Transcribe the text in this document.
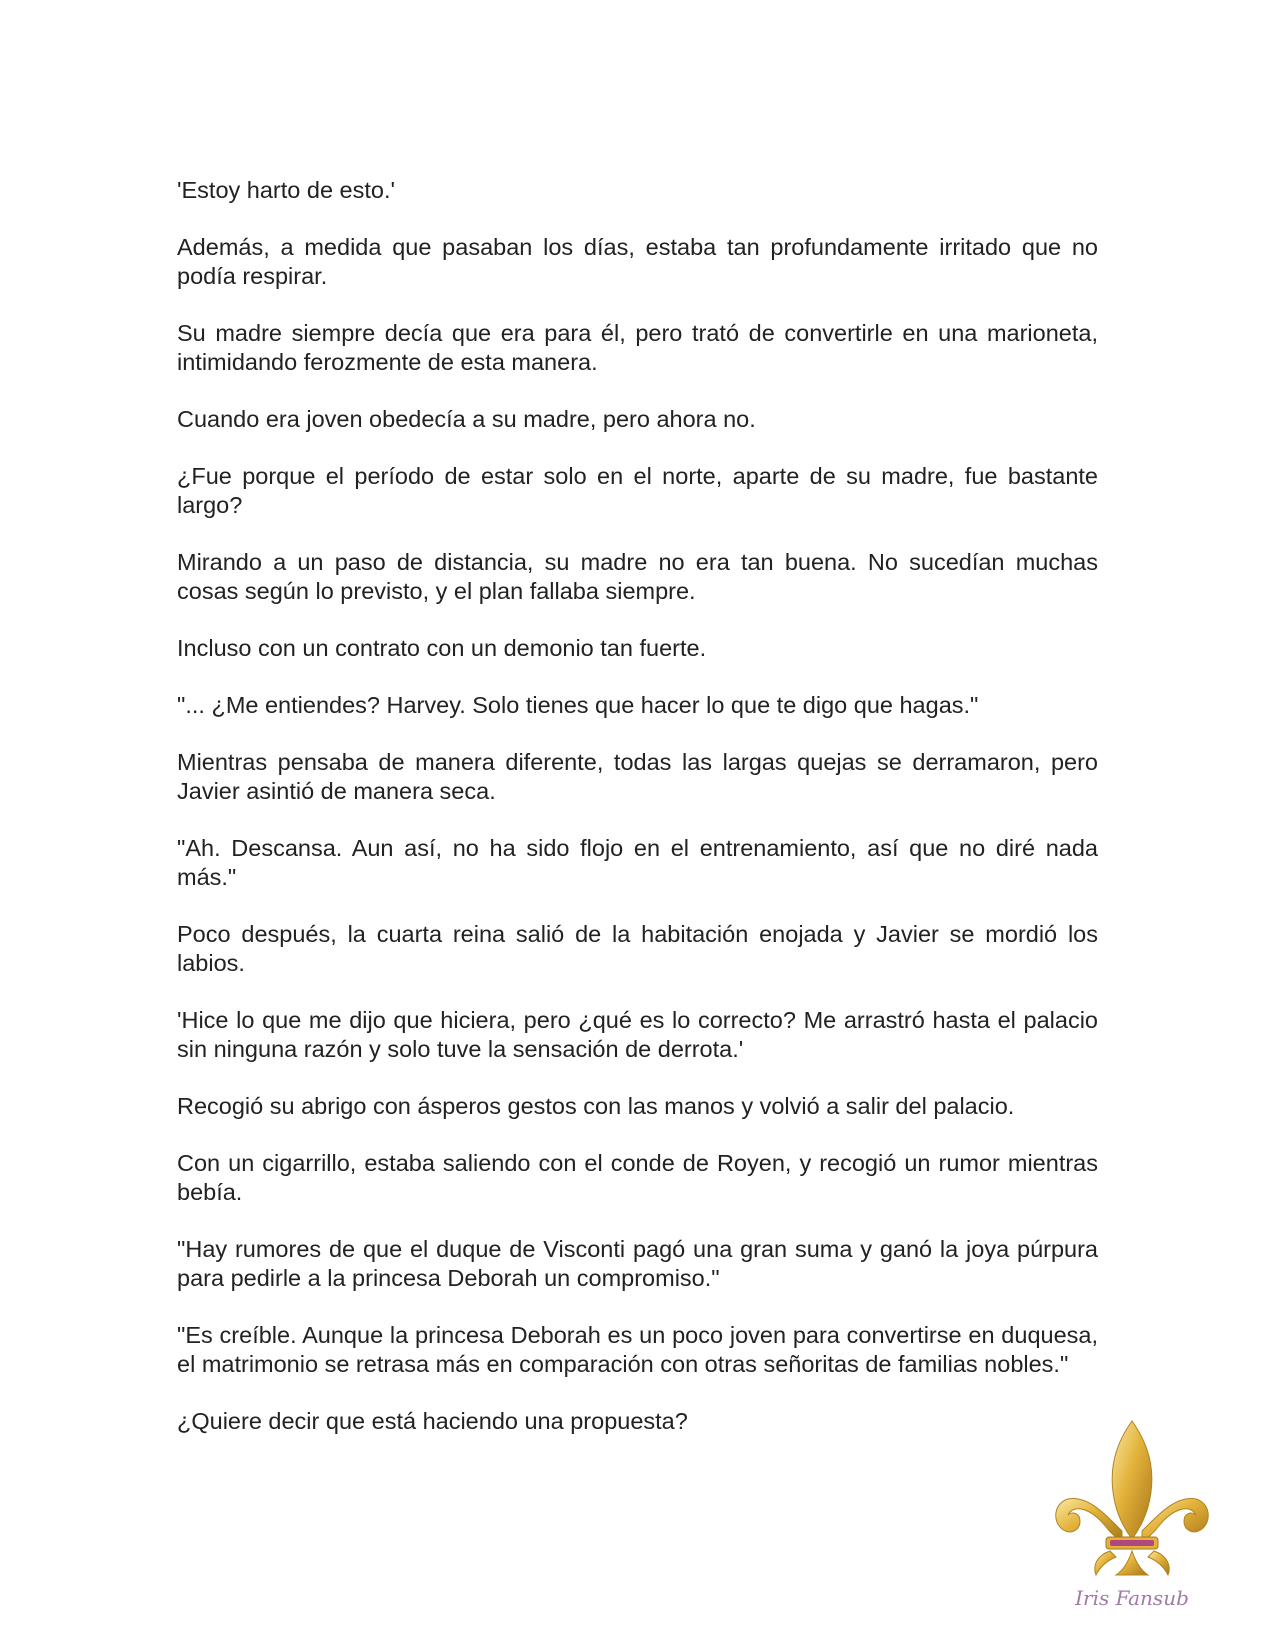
'Estoy harto de esto.'

Además, a medida que pasaban los días, estaba tan profundamente irritado que no podía respirar.

Su madre siempre decía que era para él, pero trató de convertirle en una marioneta, intimidando ferozmente de esta manera.

Cuando era joven obedecía a su madre, pero ahora no.

¿Fue porque el período de estar solo en el norte, aparte de su madre, fue bastante largo?

Mirando a un paso de distancia, su madre no era tan buena. No sucedían muchas cosas según lo previsto, y el plan fallaba siempre.

Incluso con un contrato con un demonio tan fuerte.

"... ¿Me entiendes? Harvey. Solo tienes que hacer lo que te digo que hagas."

Mientras pensaba de manera diferente, todas las largas quejas se derramaron, pero Javier asintió de manera seca.

"Ah. Descansa. Aun así, no ha sido flojo en el entrenamiento, así que no diré nada más."

Poco después, la cuarta reina salió de la habitación enojada y Javier se mordió los labios.

'Hice lo que me dijo que hiciera, pero ¿qué es lo correcto? Me arrastró hasta el palacio sin ninguna razón y solo tuve la sensación de derrota.'

Recogió su abrigo con ásperos gestos con las manos y volvió a salir del palacio.

Con un cigarrillo, estaba saliendo con el conde de Royen, y recogió un rumor mientras bebía.

"Hay rumores de que el duque de Visconti pagó una gran suma y ganó la joya púrpura para pedirle a la princesa Deborah un compromiso."

"Es creíble. Aunque la princesa Deborah es un poco joven para convertirse en duquesa, el matrimonio se retrasa más en comparación con otras señoritas de familias nobles."

¿Quiere decir que está haciendo una propuesta?

Iris Fansub
